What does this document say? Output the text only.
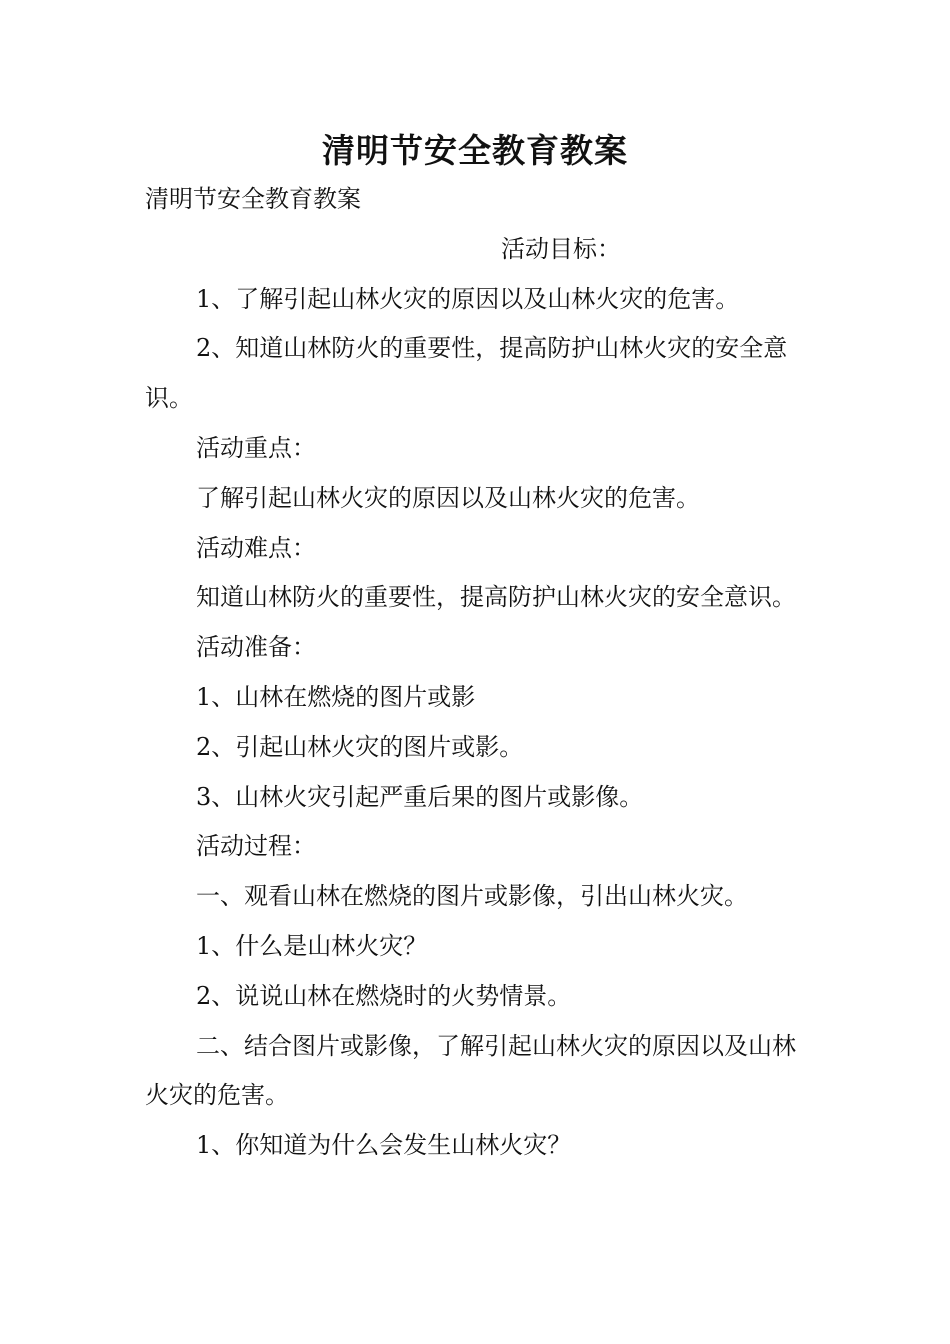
清明节安全教育教案

清明节安全教育教案

活动目标：

1、了解引起山林火灾的原因以及山林火灾的危害。

2、知道山林防火的重要性，提高防护山林火灾的安全意识。

活动重点：

了解引起山林火灾的原因以及山林火灾的危害。

活动难点：

知道山林防火的重要性，提高防护山林火灾的安全意识。

活动准备：

1、山林在燃烧的图片或影

2、引起山林火灾的图片或影。

3、山林火灾引起严重后果的图片或影像。

活动过程：

一、观看山林在燃烧的图片或影像，引出山林火灾。

1、什么是山林火灾？

2、说说山林在燃烧时的火势情景。

二、结合图片或影像，了解引起山林火灾的原因以及山林火灾的危害。

1、你知道为什么会发生山林火灾？
